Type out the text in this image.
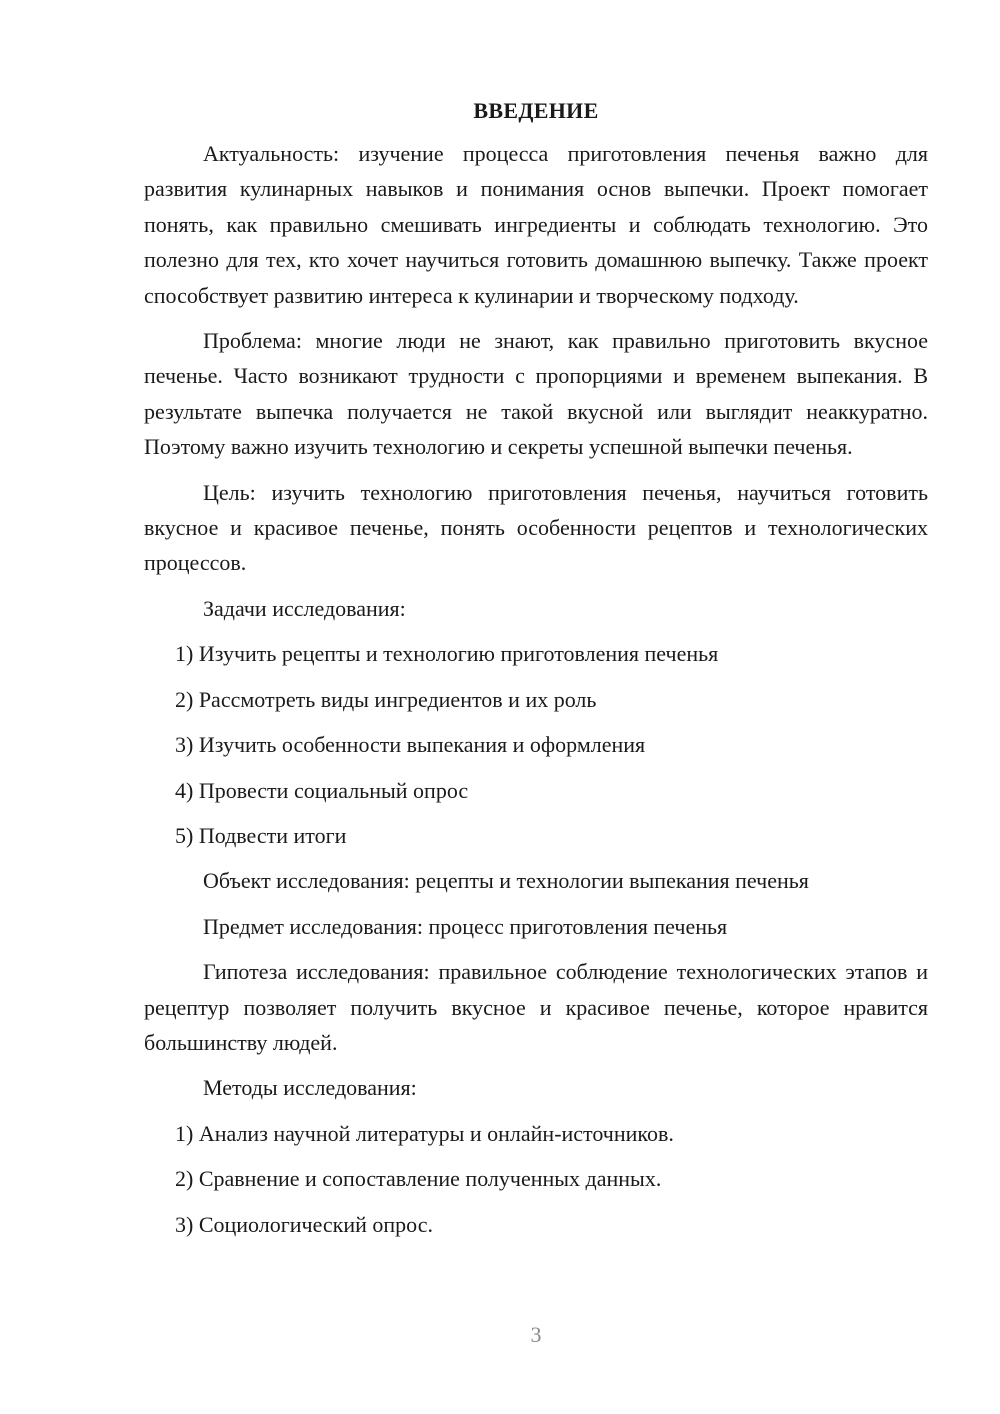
ВВЕДЕНИЕ

Актуальность: изучение процесса приготовления печенья важно для развития кулинарных навыков и понимания основ выпечки. Проект помогает понять, как правильно смешивать ингредиенты и соблюдать технологию. Это полезно для тех, кто хочет научиться готовить домашнюю выпечку. Также проект способствует развитию интереса к кулинарии и творческому подходу.

Проблема: многие люди не знают, как правильно приготовить вкусное печенье. Часто возникают трудности с пропорциями и временем выпекания. В результате выпечка получается не такой вкусной или выглядит неаккуратно. Поэтому важно изучить технологию и секреты успешной выпечки печенья.

Цель: изучить технологию приготовления печенья, научиться готовить вкусное и красивое печенье, понять особенности рецептов и технологических процессов.

Задачи исследования:
1) Изучить рецепты и технологию приготовления печенья
2) Рассмотреть виды ингредиентов и их роль
3) Изучить особенности выпекания и оформления
4) Провести социальный опрос
5) Подвести итоги
Объект исследования: рецепты и технологии выпекания печенья
Предмет исследования: процесс приготовления печенья

Гипотеза исследования: правильное соблюдение технологических этапов и рецептур позволяет получить вкусное и красивое печенье, которое нравится большинству людей.

Методы исследования:
1) Анализ научной литературы и онлайн-источников.
2) Сравнение и сопоставление полученных данных.
3) Социологический опрос.
3
